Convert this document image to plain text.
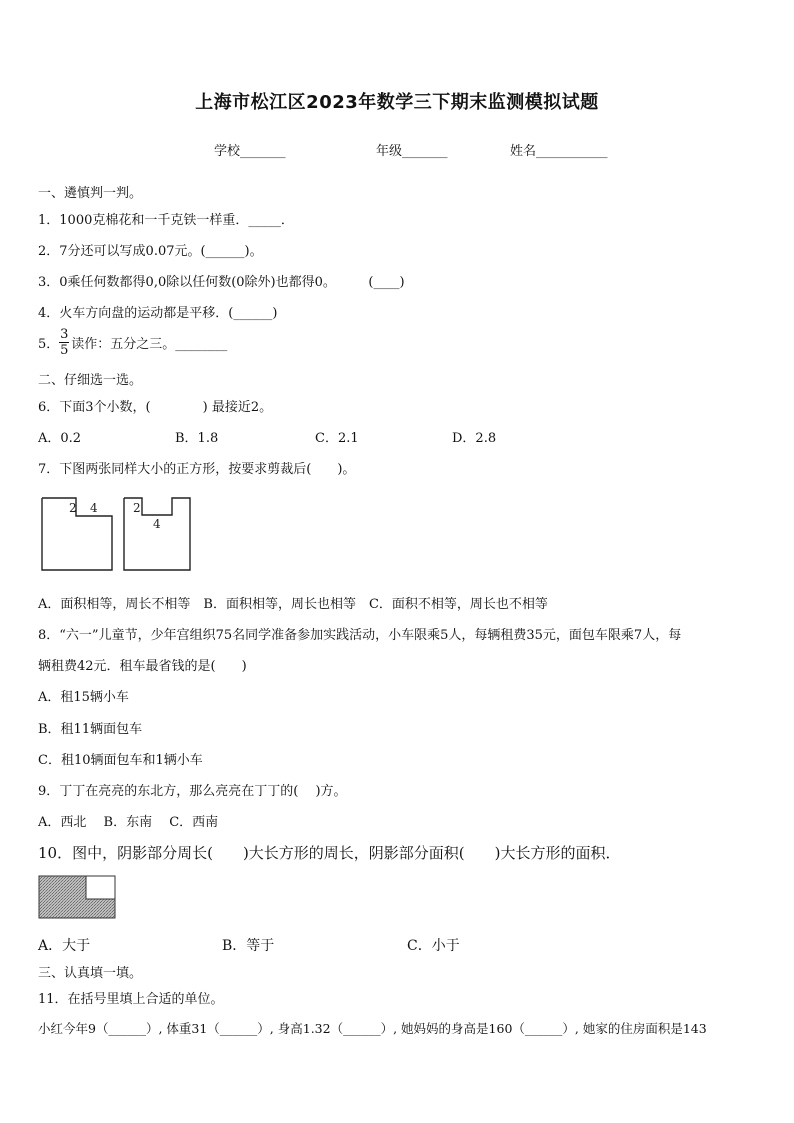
上海市松江区2023年数学三下期末监测模拟试题
学校_______	年级_______	姓名___________
一、遴慎判一判。
1．1000克棉花和一千克铁一样重．_____．
2．7分还可以写成0.07元。(______)。
3．0乘任何数都得0,0除以任何数(0除外)也都得0。　　　(____)
4．火车方向盘的运动都是平移．(______)
5． $\frac{3}{5}$ 读作：五分之三。________
二、仔细选一选。
6．下面3个小数，(　　　　) 最接近2。
A．0.2	B．1.8	C．2.1	D．2.8
7．下图两张同样大小的正方形，按要求剪裁后(　　)。
2 4	2
4
A．面积相等，周长不相等　B．面积相等，周长也相等　C．面积不相等，周长也不相等
8．“六一”儿童节，少年宫组织75名同学准备参加实践活动，小车限乘5人，每辆租费35元，面包车限乘7人，每
辆租费42元．租车最省钱的是(　　)
A．租15辆小车
B．租11辆面包车
C．租10辆面包车和1辆小车
9．丁丁在亮亮的东北方，那么亮亮在丁丁的(　 )方。
A．西北　 B．东南　 C．西南
10．图中，阴影部分周长(　　)大长方形的周长，阴影部分面积(　　)大长方形的面积．
A．大于	B．等于	C．小于
三、认真填一填。
11．在括号里填上合适的单位。
小红今年9（______）, 体重31（______）, 身高1.32（______）, 她妈妈的身高是160（______）, 她家的住房面积是143
